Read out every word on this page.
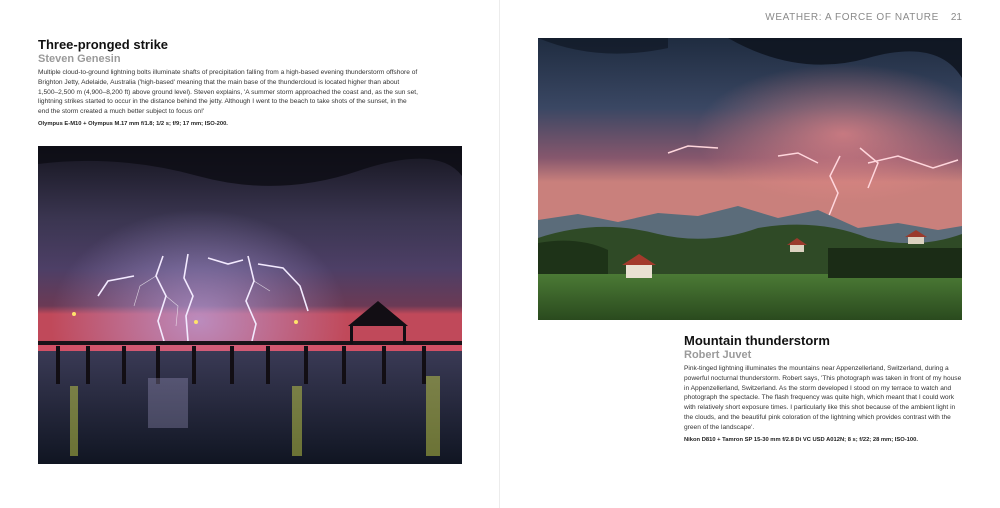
Three-pronged strike
Steven Genesin

Multiple cloud-to-ground lightning bolts illuminate shafts of precipitation falling from a high-based evening thunderstorm offshore of Brighton Jetty, Adelaide, Australia ('high-based' meaning that the main base of the thundercloud is located higher than about 1,500–2,500 m (4,900–8,200 ft) above ground level). Steven explains, 'A summer storm approached the coast and, as the sun set, lightning strikes started to occur in the distance behind the jetty. Although I went to the beach to take shots of the sunset, in the end the storm created a much better subject to focus on!'

Olympus E-M10 + Olympus M.17 mm f/1.8; 1/2 s; f/9; 17 mm; ISO-200.
WEATHER: A FORCE OF NATURE 21
Mountain thunderstorm
Robert Juvet

Pink-tinged lightning illuminates the mountains near Appenzellerland, Switzerland, during a powerful nocturnal thunderstorm. Robert says, 'This photograph was taken in front of my house in Appenzellerland, Switzerland. As the storm developed I stood on my terrace to watch and photograph the spectacle. The flash frequency was quite high, which meant that I could work with relatively short exposure times. I particularly like this shot because of the ambient light in the clouds, and the beautiful pink coloration of the lightning which provides contrast with the green of the landscape'.

Nikon D810 + Tamron SP 15-30 mm f/2.8 Di VC USD A012N; 8 s; f/22; 28 mm; ISO-100.
